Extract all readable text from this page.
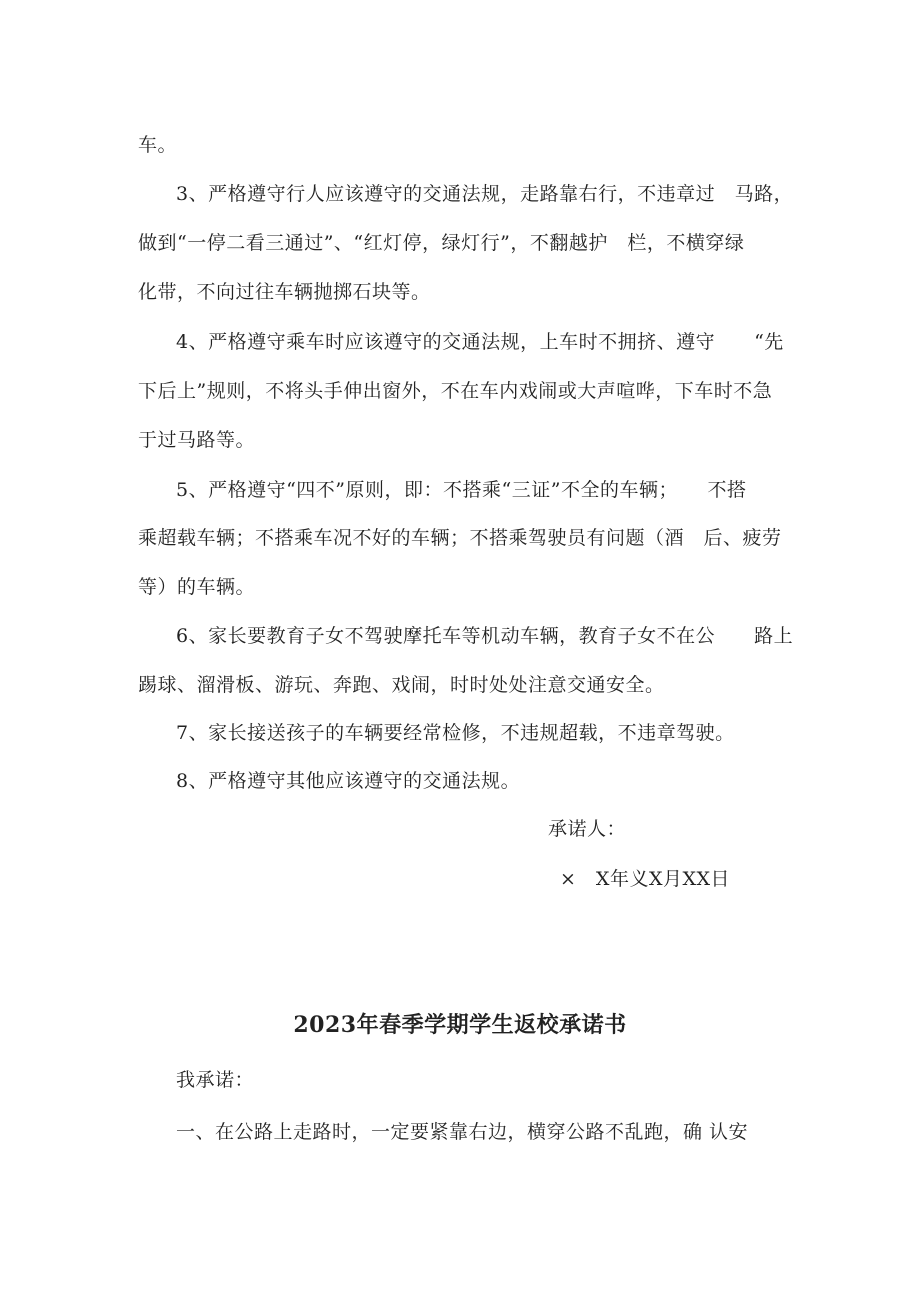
车。
3、严格遵守行人应该遵守的交通法规，走路靠右行，不违章过　马路，
做到“一停二看三通过”、“红灯停，绿灯行”，不翻越护　栏，不横穿绿
化带，不向过往车辆抛掷石块等。
4、严格遵守乘车时应该遵守的交通法规，上车时不拥挤、遵守　　“先
下后上”规则，不将头手伸出窗外，不在车内戏闹或大声喧哗，下车时不急
于过马路等。
5、严格遵守“四不”原则，即：不搭乘“三证”不全的车辆；　　不搭
乘超载车辆；不搭乘车况不好的车辆；不搭乘驾驶员有问题（酒　后、疲劳
等）的车辆。
6、家长要教育子女不驾驶摩托车等机动车辆，教育子女不在公　　路上
踢球、溜滑板、游玩、奔跑、戏闹，时时处处注意交通安全。
7、家长接送孩子的车辆要经常检修，不违规超载，不违章驾驶。
8、严格遵守其他应该遵守的交通法规。
承诺人：
×　X年义X月XX日
2023年春季学期学生返校承诺书
我承诺：
一、在公路上走路时，一定要紧靠右边，横穿公路不乱跑，确 认安
